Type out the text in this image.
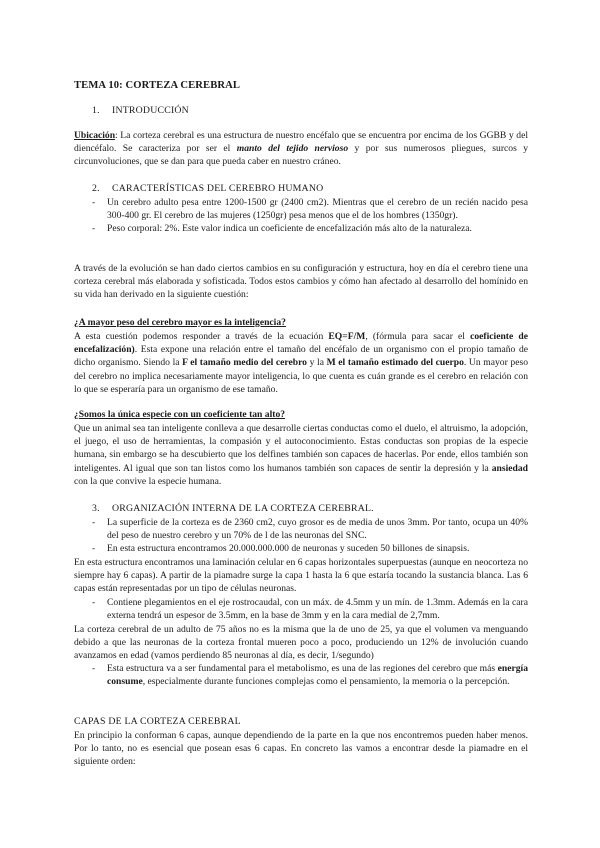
TEMA 10: CORTEZA CEREBRAL

1. INTRODUCCIÓN

Ubicación: La corteza cerebral es una estructura de nuestro encéfalo que se encuentra por encima de los GGBB y del diencéfalo. Se caracteriza por ser el manto del tejido nervioso y por sus numerosos pliegues, surcos y circunvoluciones, que se dan para que pueda caber en nuestro cráneo.

2. CARACTERÍSTICAS DEL CEREBRO HUMANO

- Un cerebro adulto pesa entre 1200-1500 gr (2400 cm2). Mientras que el cerebro de un recién nacido pesa 300-400 gr. El cerebro de las mujeres (1250gr) pesa menos que el de los hombres (1350gr).
- Peso corporal: 2%. Este valor indica un coeficiente de encefalización más alto de la naturaleza.

A través de la evolución se han dado ciertos cambios en su configuración y estructura, hoy en día el cerebro tiene una corteza cerebral más elaborada y sofisticada. Todos estos cambios y cómo han afectado al desarrollo del homínido en su vida han derivado en la siguiente cuestión:

¿A mayor peso del cerebro mayor es la inteligencia?

A esta cuestión podemos responder a través de la ecuación EQ=F/M, (fórmula para sacar el coeficiente de encefalización). Esta expone una relación entre el tamaño del encéfalo de un organismo con el propio tamaño de dicho organismo. Siendo la F el tamaño medio del cerebro y la M el tamaño estimado del cuerpo. Un mayor peso del cerebro no implica necesariamente mayor inteligencia, lo que cuenta es cuán grande es el cerebro en relación con lo que se esperaría para un organismo de ese tamaño.

¿Somos la única especie con un coeficiente tan alto?

Que un animal sea tan inteligente conlleva a que desarrolle ciertas conductas como el duelo, el altruismo, la adopción, el juego, el uso de herramientas, la compasión y el autoconocimiento. Estas conductas son propias de la especie humana, sin embargo se ha descubierto que los delfines también son capaces de hacerlas. Por ende, ellos también son inteligentes. Al igual que son tan listos como los humanos también son capaces de sentir la depresión y la ansiedad con la que convive la especie humana.

3. ORGANIZACIÓN INTERNA DE LA CORTEZA CEREBRAL.

- La superficie de la corteza es de 2360 cm2, cuyo grosor es de media de unos 3mm. Por tanto, ocupa un 40% del peso de nuestro cerebro y un 70% de l de las neuronas del SNC.
- En esta estructura encontramos 20.000.000.000 de neuronas y suceden 50 billones de sinapsis.

En esta estructura encontramos una laminación celular en 6 capas horizontales superpuestas (aunque en neocorteza no siempre hay 6 capas). A partir de la piamadre surge la capa 1 hasta la 6 que estaría tocando la sustancia blanca. Las 6 capas están representadas por un tipo de células neuronas.

- Contiene plegamientos en el eje rostrocaudal, con un máx. de 4.5mm y un mín. de 1.3mm. Además en la cara externa tendrá un espesor de 3.5mm, en la base de 3mm y en la cara medial de 2,7mm.

La corteza cerebral de un adulto de 75 años no es la misma que la de uno de 25, ya que el volumen va menguando debido a que las neuronas de la corteza frontal mueren poco a poco, produciendo un 12% de involución cuando avanzamos en edad (vamos perdiendo 85 neuronas al día, es decir, 1/segundo)

- Esta estructura va a ser fundamental para el metabolismo, es una de las regiones del cerebro que más energía consume, especialmente durante funciones complejas como el pensamiento, la memoria o la percepción.

CAPAS DE LA CORTEZA CEREBRAL

En principio la conforman 6 capas, aunque dependiendo de la parte en la que nos encontremos pueden haber menos. Por lo tanto, no es esencial que posean esas 6 capas. En concreto las vamos a encontrar desde la piamadre en el siguiente orden:
